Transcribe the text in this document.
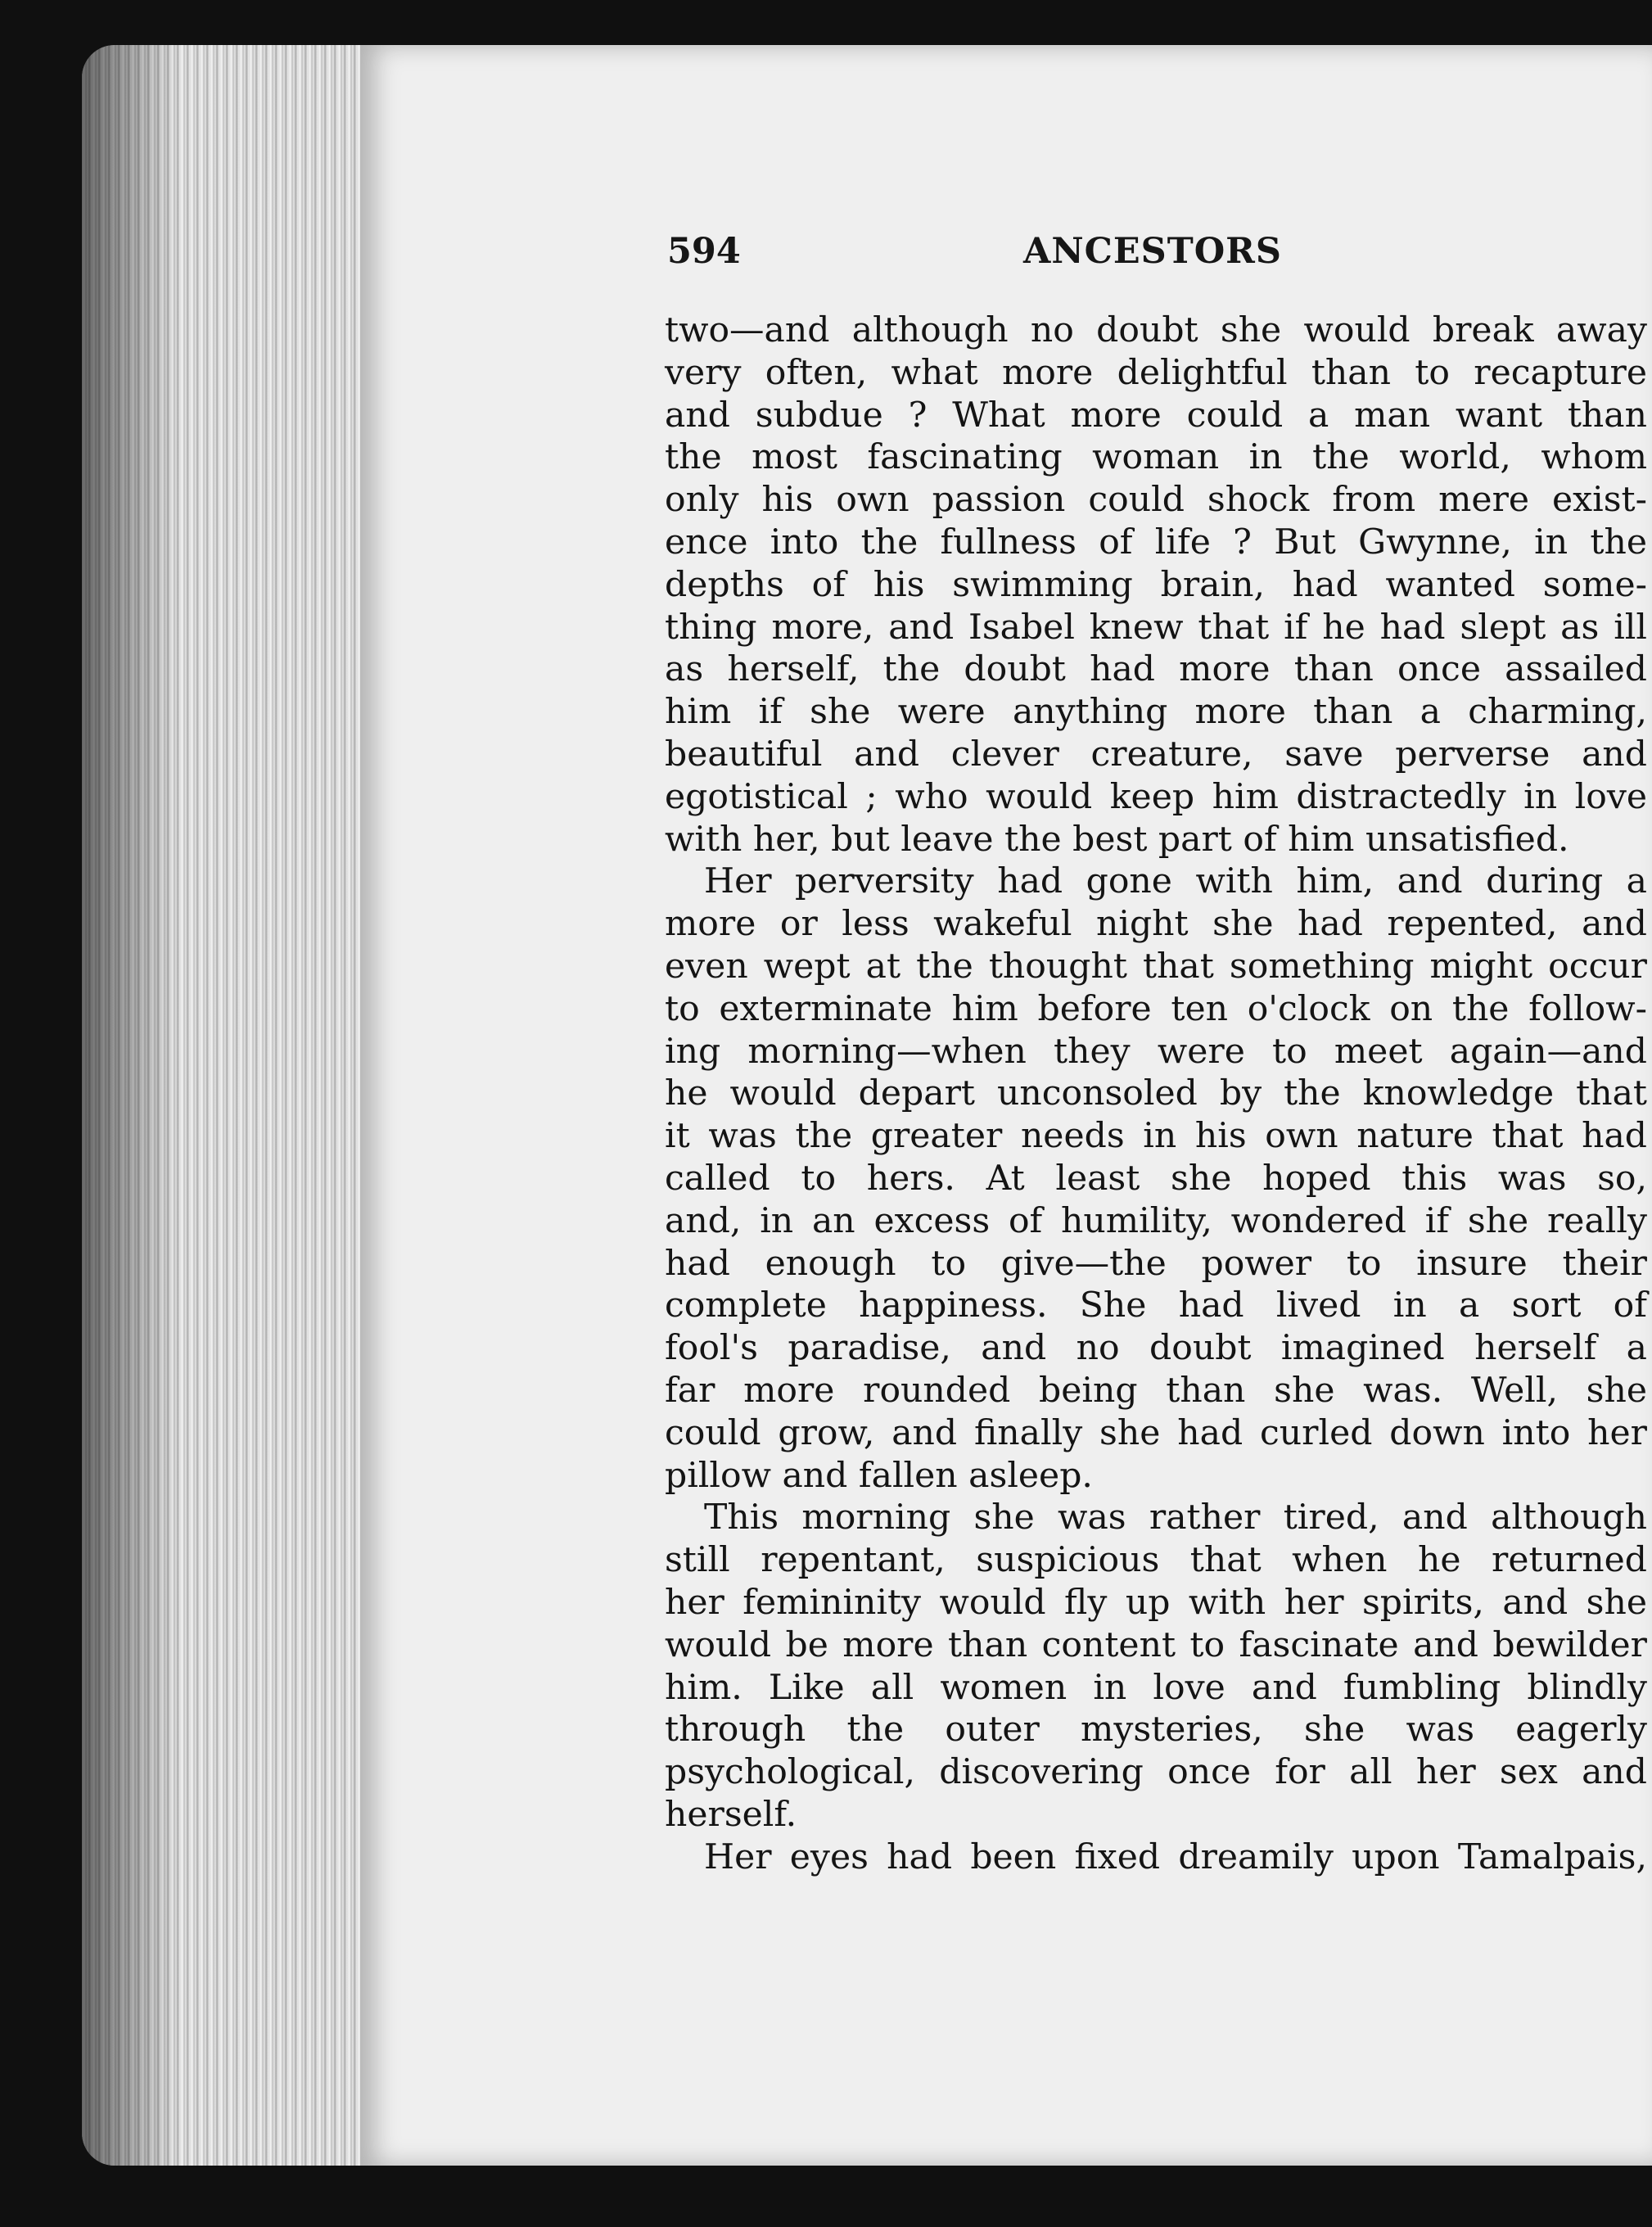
594	ANCESTORS
two—and although no doubt she would break away
very often, what more delightful than to recapture
and subdue ? What more could a man want than
the most fascinating woman in the world, whom
only his own passion could shock from mere exist-
ence into the fullness of life ? But Gwynne, in the
depths of his swimming brain, had wanted some-
thing more, and Isabel knew that if he had slept as ill
as herself, the doubt had more than once assailed
him if she were anything more than a charming,
beautiful and clever creature, save perverse and
egotistical ; who would keep him distractedly in love
with her, but leave the best part of him unsatisfied.
Her perversity had gone with him, and during a
more or less wakeful night she had repented, and
even wept at the thought that something might occur
to exterminate him before ten o'clock on the follow-
ing morning—when they were to meet again—and
he would depart unconsoled by the knowledge that
it was the greater needs in his own nature that had
called to hers. At least she hoped this was so,
and, in an excess of humility, wondered if she really
had enough to give—the power to insure their
complete happiness. She had lived in a sort of
fool's paradise, and no doubt imagined herself a
far more rounded being than she was. Well, she
could grow, and finally she had curled down into her
pillow and fallen asleep.
This morning she was rather tired, and although
still repentant, suspicious that when he returned
her femininity would fly up with her spirits, and she
would be more than content to fascinate and bewilder
him. Like all women in love and fumbling blindly
through the outer mysteries, she was eagerly
psychological, discovering once for all her sex and
herself.
Her eyes had been fixed dreamily upon Tamalpais,
